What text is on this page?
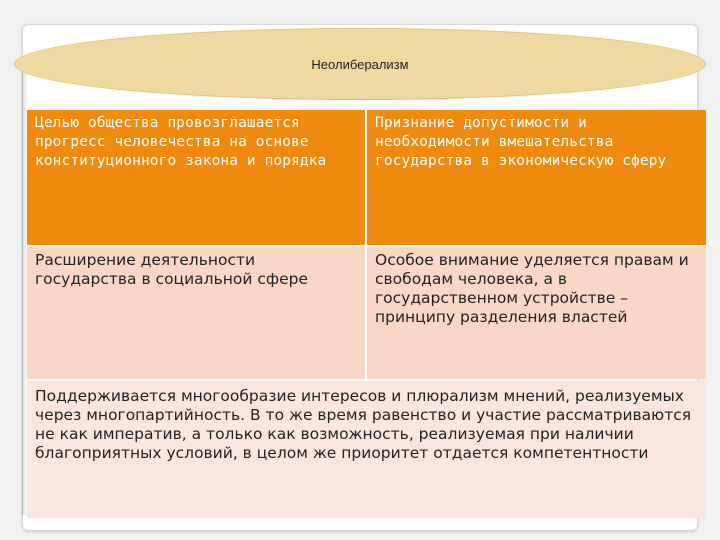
Неолиберализм
Целью общества провозглашается прогресс человечества на основе конституционного закона и порядка
Признание допустимости и необходимости вмешательства государства в экономическую сферу
Расширение деятельности государства в социальной сфере
Особое внимание уделяется правам и свободам человека, а в государственном устройстве – принципу разделения властей
Поддерживается многообразие интересов и плюрализм мнений, реализуемых через многопартийность. В то же время равенство и участие рассматриваются не как императив, а только как возможность, реализуемая при наличии благоприятных условий, в целом же приоритет отдается компетентности
